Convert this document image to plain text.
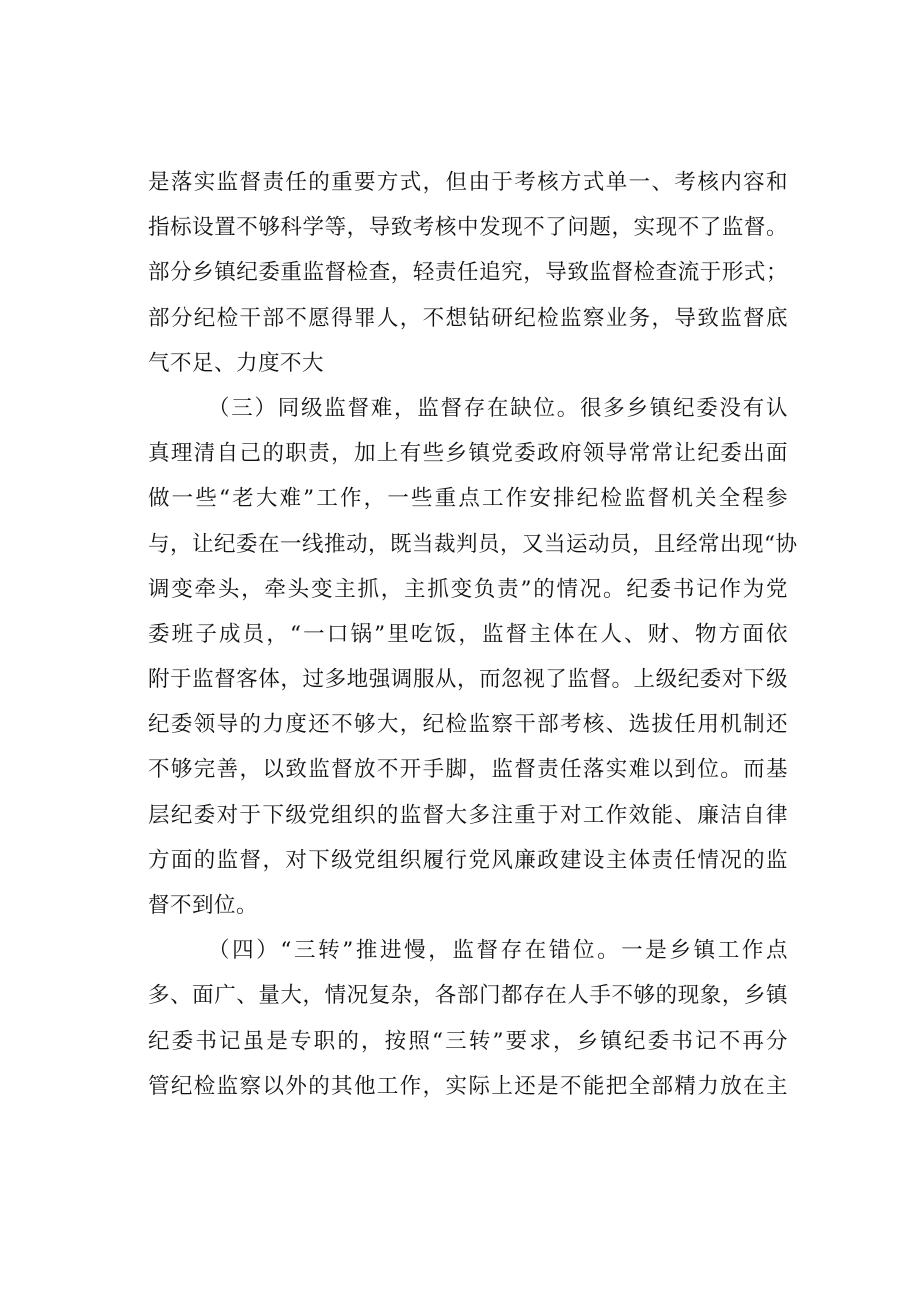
是落实监督责任的重要方式，但由于考核方式单一、考核内容和
指标设置不够科学等，导致考核中发现不了问题，实现不了监督。
部分乡镇纪委重监督检查，轻责任追究，导致监督检查流于形式；
部分纪检干部不愿得罪人，不想钻研纪检监察业务，导致监督底
气不足、力度不大
（三）同级监督难，监督存在缺位。很多乡镇纪委没有认
真理清自己的职责，加上有些乡镇党委政府领导常常让纪委出面
做一些“老大难”工作，一些重点工作安排纪检监督机关全程参
与，让纪委在一线推动，既当裁判员，又当运动员，且经常出现“协
调变牵头，牵头变主抓，主抓变负责”的情况。纪委书记作为党
委班子成员，“一口锅”里吃饭，监督主体在人、财、物方面依
附于监督客体，过多地强调服从，而忽视了监督。上级纪委对下级
纪委领导的力度还不够大，纪检监察干部考核、选拔任用机制还
不够完善，以致监督放不开手脚，监督责任落实难以到位。而基
层纪委对于下级党组织的监督大多注重于对工作效能、廉洁自律
方面的监督，对下级党组织履行党风廉政建设主体责任情况的监
督不到位。
（四）“三转”推进慢，监督存在错位。一是乡镇工作点
多、面广、量大，情况复杂，各部门都存在人手不够的现象，乡镇
纪委书记虽是专职的，按照“三转”要求，乡镇纪委书记不再分
管纪检监察以外的其他工作，实际上还是不能把全部精力放在主
